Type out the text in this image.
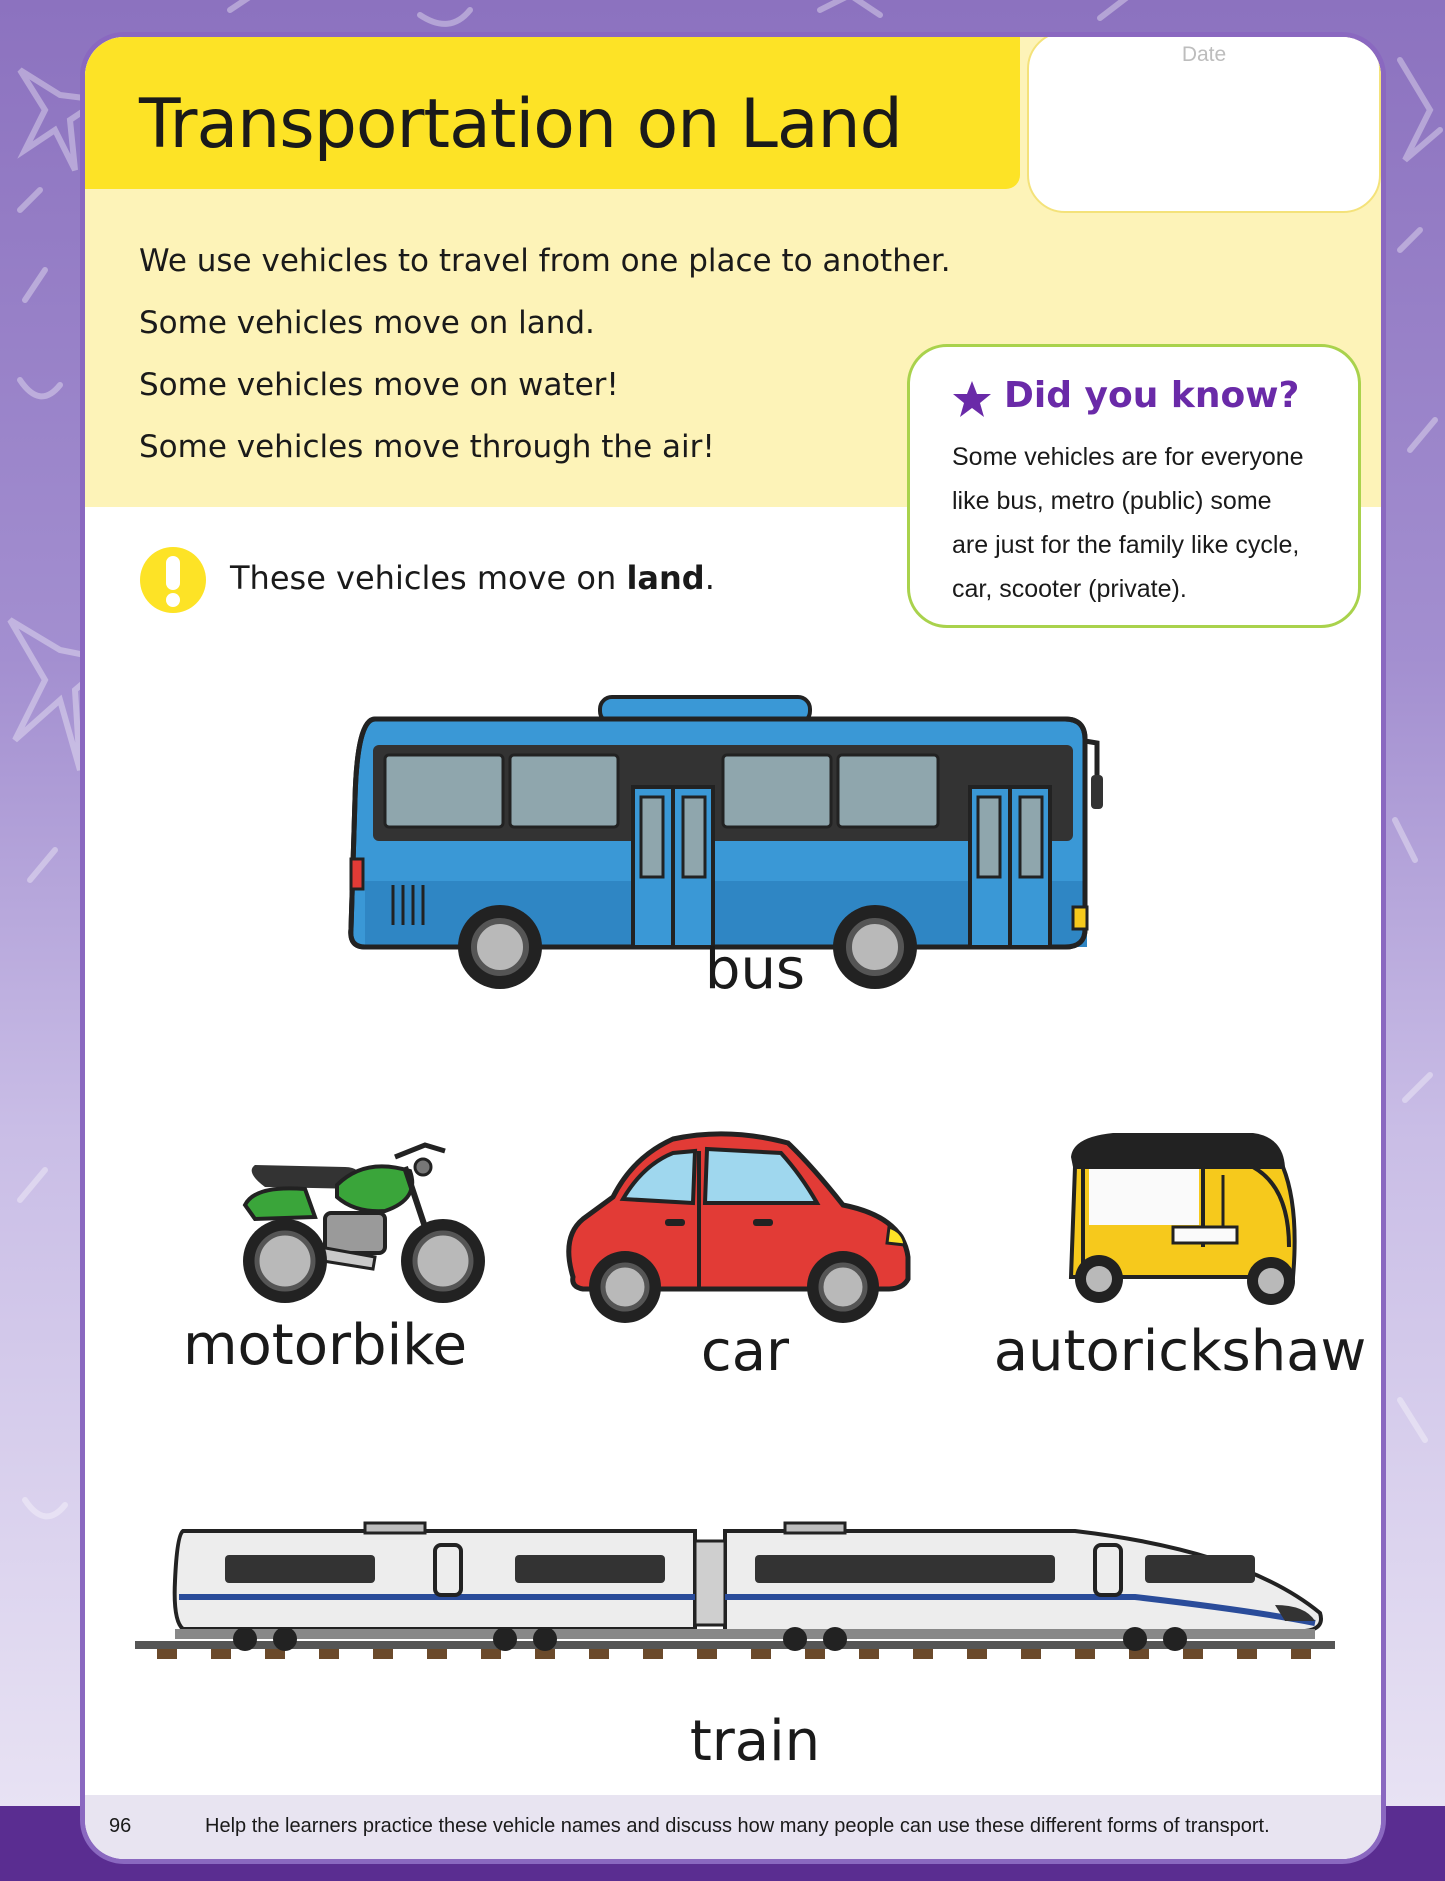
Transportation on Land
Date
We use vehicles to travel from one place to another.
Some vehicles move on land.
Some vehicles move on water!
Some vehicles move through the air!
Did you know?
Some vehicles are for everyone
like bus, metro (public) some
are just for the family like cycle,
car, scooter (private).
These vehicles move on land.
bus
motorbike	car	autorickshaw
train
96	Help the learners practice these vehicle names and discuss how many people can use these different forms of transport.
